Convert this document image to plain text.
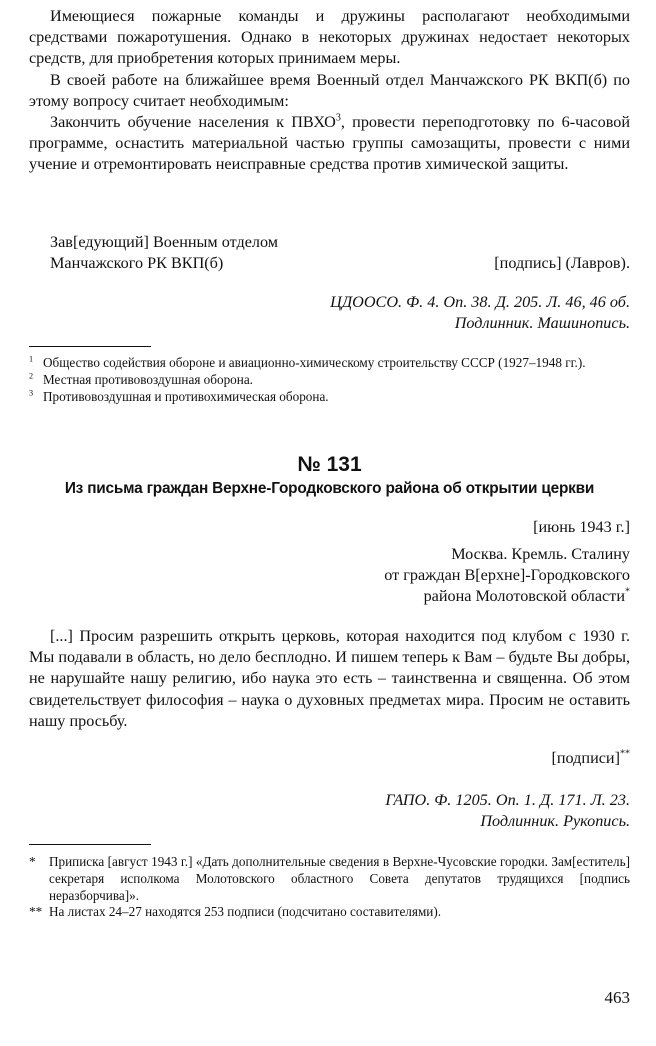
Имеющиеся пожарные команды и дружины располагают необходимыми средствами пожаротушения. Однако в некоторых дружинах недостает некоторых средств, для приобретения которых принимаем меры.

В своей работе на ближайшее время Военный отдел Манчажского РК ВКП(б) по этому вопросу считает необходимым:

Закончить обучение населения к ПВХО$^3$, провести переподготовку по 6-часовой программе, оснастить материальной частью группы самозащиты, провести с ними учение и отремонтировать неисправные средства против химической защиты.

Зав[едующий] Военным отделом

Манчажского РК ВКП(б)	[подпись] (Лавров).

ЦДООСО. Ф. 4. Оп. 38. Д. 205. Л. 46, 46 об.

Подлинник. Машинопись.

$^1$ Общество содействия обороне и авиационно-химическому строительству СССР (1927–1948 гг.).
$^2$ Местная противовоздушная оборона.
$^3$ Противовоздушная и противохимическая оборона.
№ 131
Из письма граждан Верхне-Городковского района об открытии церкви
[июнь 1943 г.]

Москва. Кремль. Сталину

от граждан В[ерхне]-Городковского

района Молотовской области*

[...] Просим разрешить открыть церковь, которая находится под клубом с 1930 г. Мы подавали в область, но дело бесплодно. И пишем теперь к Вам – будьте Вы добры, не нарушайте нашу религию, ибо наука это есть – таинственна и священна. Об этом свидетельствует философия – наука о духовных предметах мира. Просим не оставить нашу просьбу.

[подписи]**

ГАПО. Ф. 1205. Оп. 1. Д. 171. Л. 23.

Подлинник. Рукопись.

*	Приписка [август 1943 г.] «Дать дополнительные сведения в Верхне-Чусовские городки. Зам[еститель] секретаря исполкома Молотовского областного Совета депутатов трудящихся [подпись неразборчива]».
** На листах 24–27 находятся 253 подписи (подсчитано составителями).
463
